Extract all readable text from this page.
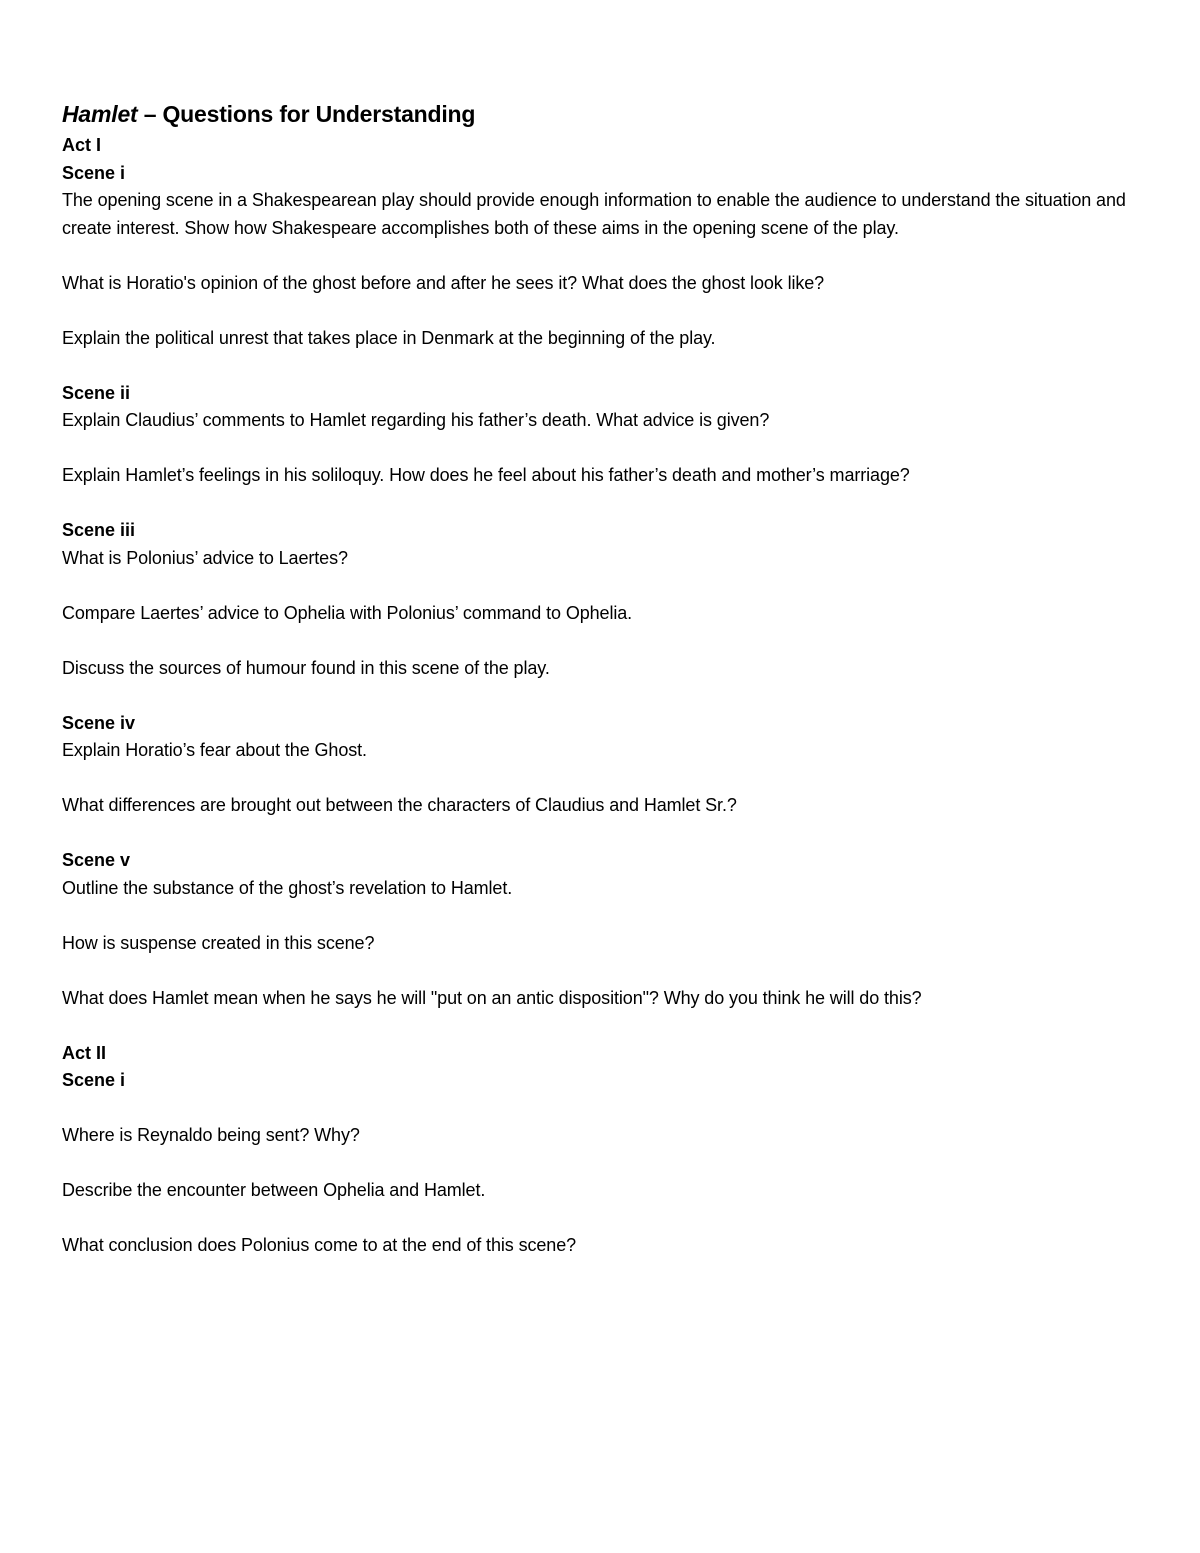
Hamlet – Questions for Understanding
Act I
Scene i

The opening scene in a Shakespearean play should provide enough information to enable the audience to understand the situation and create interest. Show how Shakespeare accomplishes both of these aims in the opening scene of the play.

What is Horatio's opinion of the ghost before and after he sees it? What does the ghost look like?

Explain the political unrest that takes place in Denmark at the beginning of the play.

Scene ii

Explain Claudius’ comments to Hamlet regarding his father’s death. What advice is given?

Explain Hamlet’s feelings in his soliloquy. How does he feel about his father’s death and mother’s marriage?

Scene iii

What is Polonius’ advice to Laertes?

Compare Laertes’ advice to Ophelia with Polonius’ command to Ophelia.

Discuss the sources of humour found in this scene of the play.

Scene iv

Explain Horatio’s fear about the Ghost.

What differences are brought out between the characters of Claudius and Hamlet Sr.?

Scene v

Outline the substance of the ghost’s revelation to Hamlet.

How is suspense created in this scene?

What does Hamlet mean when he says he will "put on an antic disposition"? Why do you think he will do this?

Act II
Scene i

Where is Reynaldo being sent? Why?

Describe the encounter between Ophelia and Hamlet.

What conclusion does Polonius come to at the end of this scene?
